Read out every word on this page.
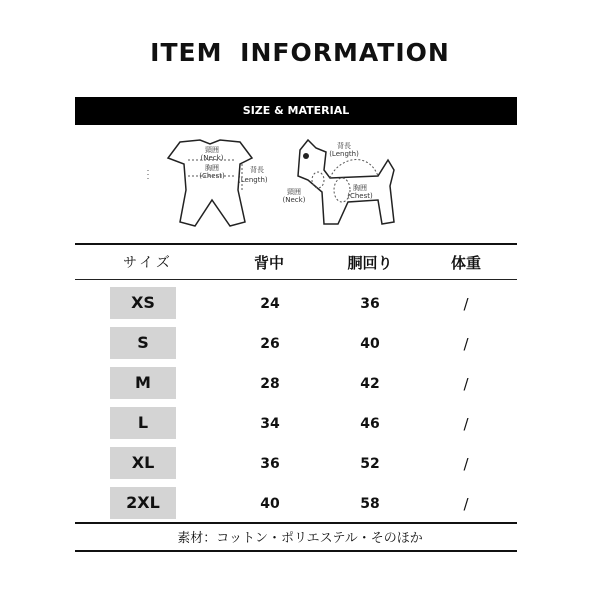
ITEM INFORMATION
SIZE & MATERIAL
頸囲
(Neck)
胸囲
(Chest)
背長
(Length)
背長
(Length)
頸囲
(Neck)
胸囲
(Chest)
サイズ	背中	胴回り	体重
XS	24	36	/
S	26	40	/
M	28	42	/
L	34	46	/
XL	36	52	/
2XL	40	58	/
素材：コットン・ポリエステル・そのほか
